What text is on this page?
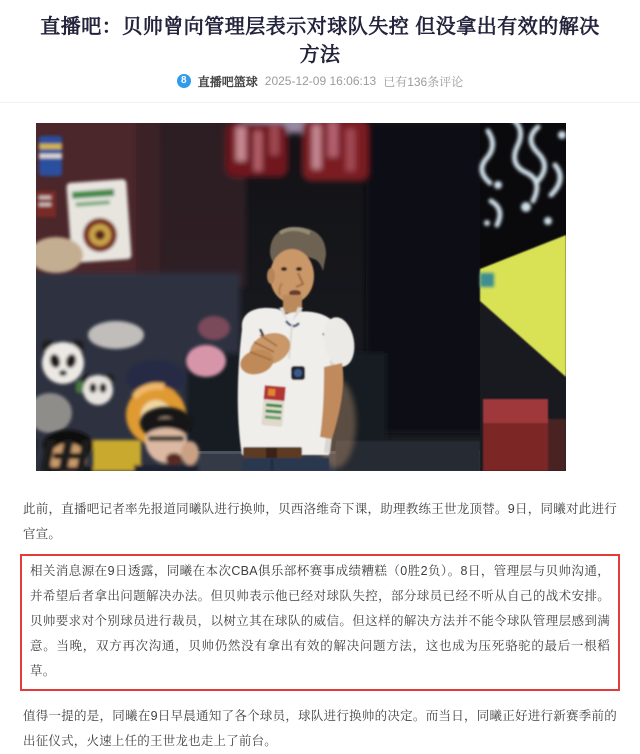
直播吧：贝帅曾向管理层表示对球队失控 但没拿出有效的解决方法
8 直播吧篮球 2025-12-09 16:06:13 已有136条评论

此前，直播吧记者率先报道同曦队进行换帅，贝西洛维奇下课，助理教练王世龙顶替。9日，同曦对此进行官宣。

相关消息源在9日透露，同曦在本次CBA俱乐部杯赛事成绩糟糕（0胜2负）。8日，管理层与贝帅沟通，并希望后者拿出问题解决办法。但贝帅表示他已经对球队失控，部分球员已经不听从自己的战术安排。贝帅要求对个别球员进行裁员，以树立其在球队的威信。但这样的解决方法并不能令球队管理层感到满意。当晚，双方再次沟通，贝帅仍然没有拿出有效的解决问题方法，这也成为压死骆驼的最后一根稻草。

值得一提的是，同曦在9日早晨通知了各个球员，球队进行换帅的决定。而当日，同曦正好进行新赛季前的出征仪式，火速上任的王世龙也走上了前台。
